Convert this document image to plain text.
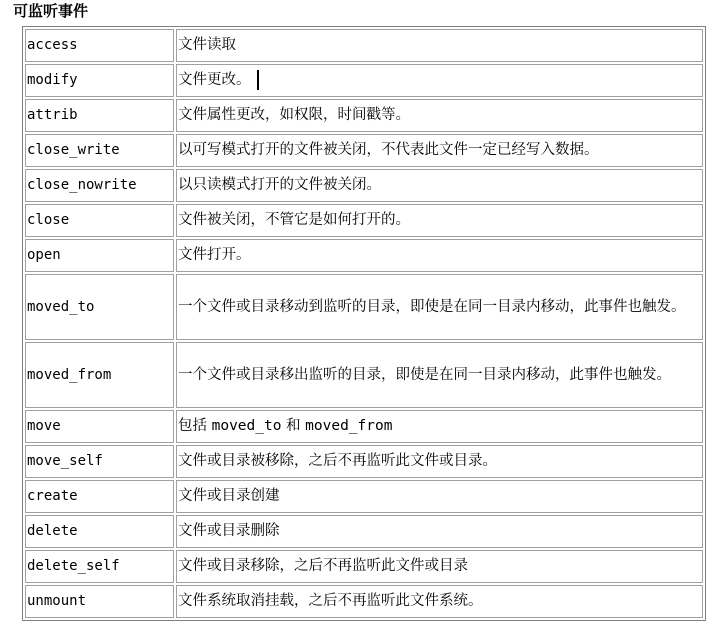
可监听事件
access	文件读取
modify	文件更改。
attrib	文件属性更改，如权限，时间戳等。
close_write	以可写模式打开的文件被关闭，不代表此文件一定已经写入数据。
close_nowrite	以只读模式打开的文件被关闭。
close	文件被关闭，不管它是如何打开的。
open	文件打开。
moved_to	一个文件或目录移动到监听的目录，即使是在同一目录内移动，此事件也触发。
moved_from	一个文件或目录移出监听的目录，即使是在同一目录内移动，此事件也触发。
move	包括 moved_to 和 moved_from
move_self	文件或目录被移除，之后不再监听此文件或目录。
create	文件或目录创建
delete	文件或目录删除
delete_self	文件或目录移除，之后不再监听此文件或目录
unmount	文件系统取消挂载，之后不再监听此文件系统。
